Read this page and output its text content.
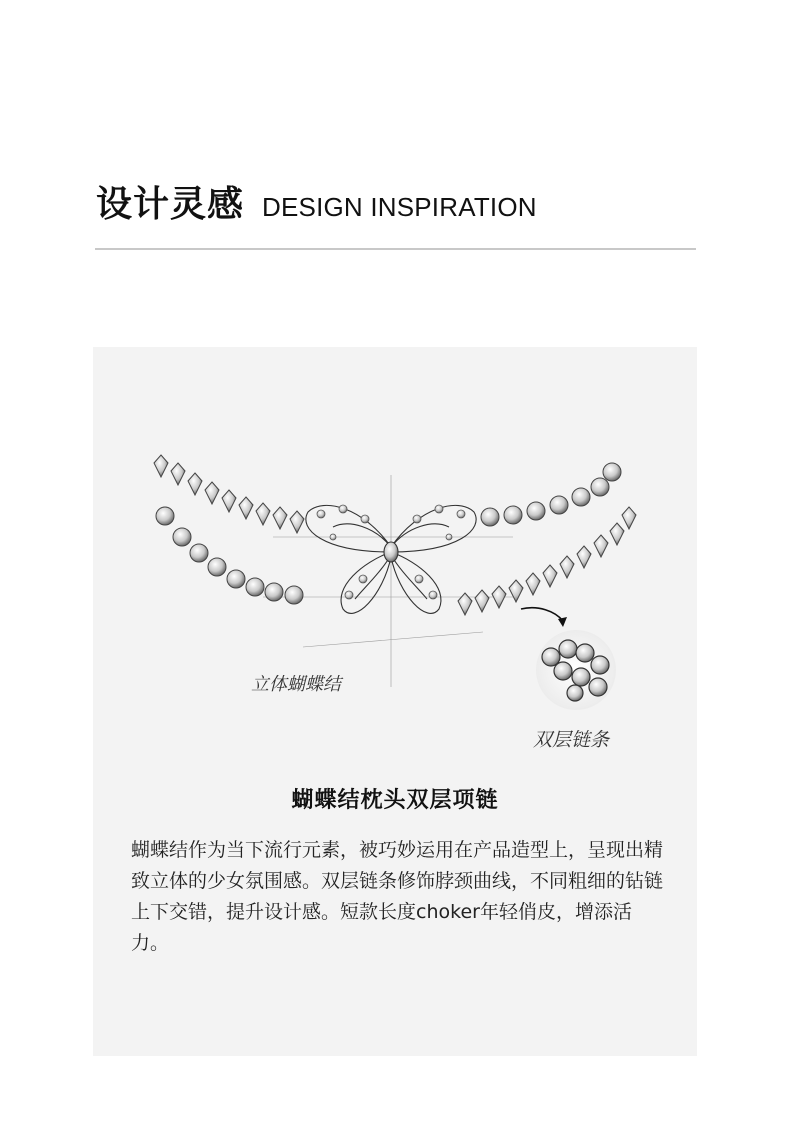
设计灵感 DESIGN INSPIRATION
立体蝴蝶结
双层链条
蝴蝶结枕头双层项链
蝴蝶结作为当下流行元素，被巧妙运用在产品造型上，呈现出精致立体的少女氛围感。双层链条修饰脖颈曲线，不同粗细的钻链上下交错，提升设计感。短款长度choker年轻俏皮，增添活力。
